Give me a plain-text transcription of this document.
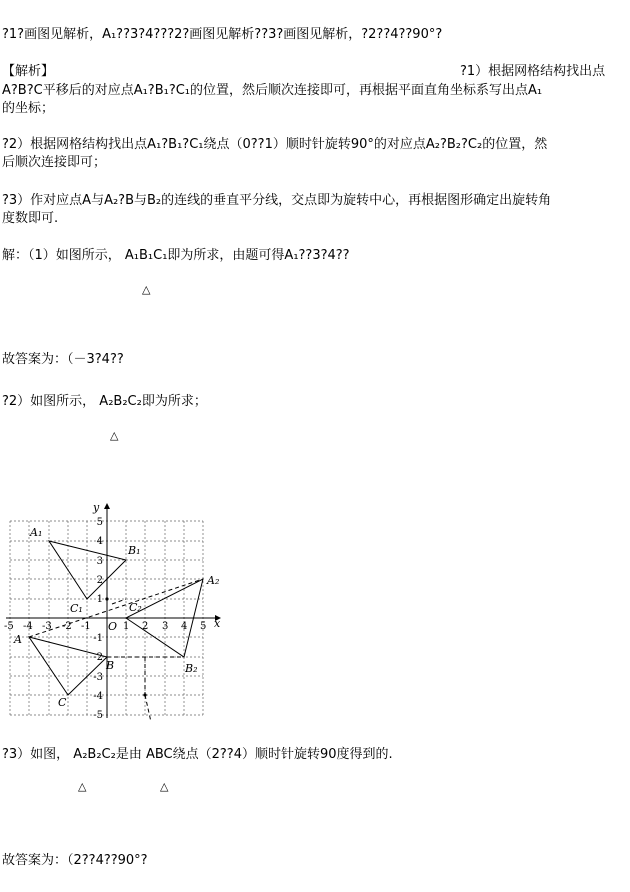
?1?画图见解析，A₁??3?4???2?画图见解析??3?画图见解析，?2??4??90°?
【解析】	?1）根据网格结构找出点
A?B?C平移后的对应点A₁?B₁?C₁的位置，然后顺次连接即可，再根据平面直角坐标系写出点A₁
的坐标；
?2）根据网格结构找出点A₁?B₁?C₁绕点（0??1）顺时针旋转90°的对应点A₂?B₂?C₂的位置，然
后顺次连接即可；
?3）作对应点A与A₂?B与B₂的连线的垂直平分线，交点即为旋转中心，再根据图形确定出旋转角
度数即可.
解：（1）如图所示， A₁B₁C₁即为所求，由题可得A₁??3?4??
△
故答案为：（－3?4??
?2）如图所示， A₂B₂C₂即为所求；
△
x
y
O
-5 -4 -3 -2 -1	1 2 3 4 5
5
4
3
2
1
-1
-2
-3
-4
-5
A
B
C
A₁
B₁
C₁
A₂
B₂
C₂
?3）如图， A₂B₂C₂是由 ABC绕点（2??4）顺时针旋转90度得到的.
△	△
故答案为：（2??4??90°?
